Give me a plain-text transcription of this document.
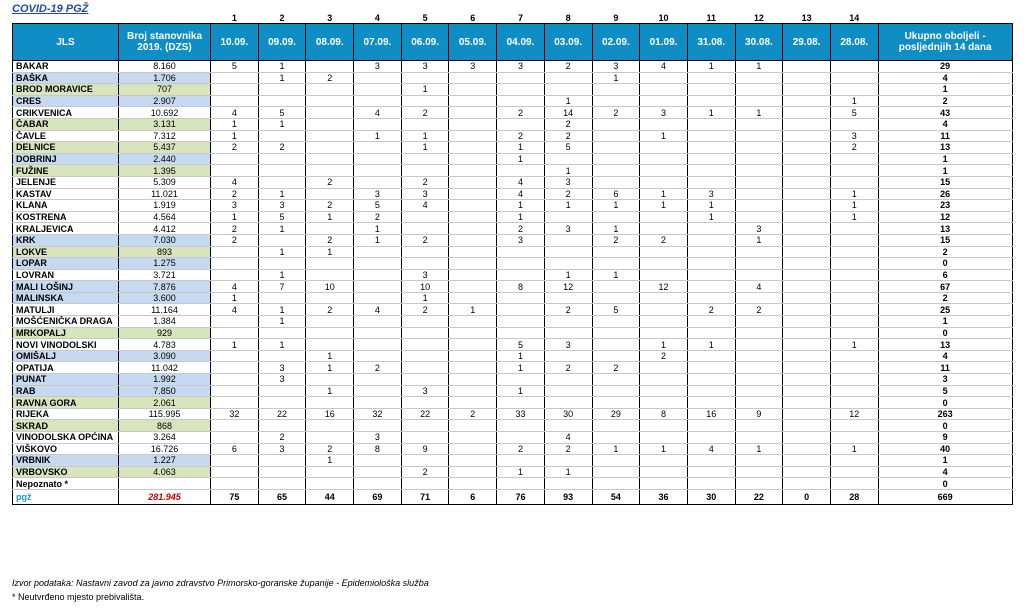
COVID-19 PGŽ
		1	2	3	4	5	6	7	8	9	10	11	12	13	14	
JLS	Broj stanovnika 2019. (DZS)	10.09.	09.09.	08.09.	07.09.	06.09.	05.09.	04.09.	03.09.	02.09.	01.09.	31.08.	30.08.	29.08.	28.08.	Ukupno oboljeli - posljednjih 14 dana
BAKAR	8.160	5	1		3	3	3	3	2	3	4	1	1			29
BAŠKA	1.706		1	2						1						4
BROD MORAVICE	707					1										1
CRES	2.907								1						1	2
CRIKVENICA	10.692	4	5		4	2		2	14	2	3	1	1		5	43
ČABAR	3.131	1	1						2							4
ČAVLE	7.312	1			1	1		2	2		1				3	11
DELNICE	5.437	2	2			1		1	5						2	13
DOBRINJ	2.440							1								1
FUŽINE	1.395								1							1
JELENJE	5.309	4		2		2		4	3							15
KASTAV	11.021	2	1		3	3		4	2	6	1	3			1	26
KLANA	1.919	3	3	2	5	4		1	1	1	1	1			1	23
KOSTRENA	4.564	1	5	1	2			1				1			1	12
KRALJEVICA	4.412	2	1		1			2	3	1			3			13
KRK	7.030	2		2	1	2		3		2	2		1			15
LOKVE	893		1	1												2
LOPAR	1.275															0
LOVRAN	3.721		1			3			1	1						6
MALI LOŠINJ	7.876	4	7	10		10		8	12		12		4			67
MALINSKA	3.600	1				1										2
MATULJI	11.164	4	1	2	4	2	1		2	5		2	2			25
MOŠĆENIČKA DRAGA	1.384		1													1
MRKOPALJ	929															0
NOVI VINODOLSKI	4.783	1	1					5	3		1	1			1	13
OMIŠALJ	3.090			1				1			2					4
OPATIJA	11.042		3	1	2			1	2	2						11
PUNAT	1.992		3													3
RAB	7.850			1		3		1								5
RAVNA GORA	2.061															0
RIJEKA	115.995	32	22	16	32	22	2	33	30	29	8	16	9		12	263
SKRAD	868															0
VINODOLSKA OPĆINA	3.264		2		3				4							9
VIŠKOVO	16.726	6	3	2	8	9		2	2	1	1	4	1		1	40
VRBNIK	1.227			1												1
VRBOVSKO	4.063					2		1	1							4
Nepoznato *																0
pgž	281.945	75	65	44	69	71	6	76	93	54	36	30	22	0	28	669
Izvor podataka: Nastavni zavod za javno zdravstvo Primorsko-goranske županije - Epidemiološka služba
* Neutvrđeno mjesto prebivališta.
